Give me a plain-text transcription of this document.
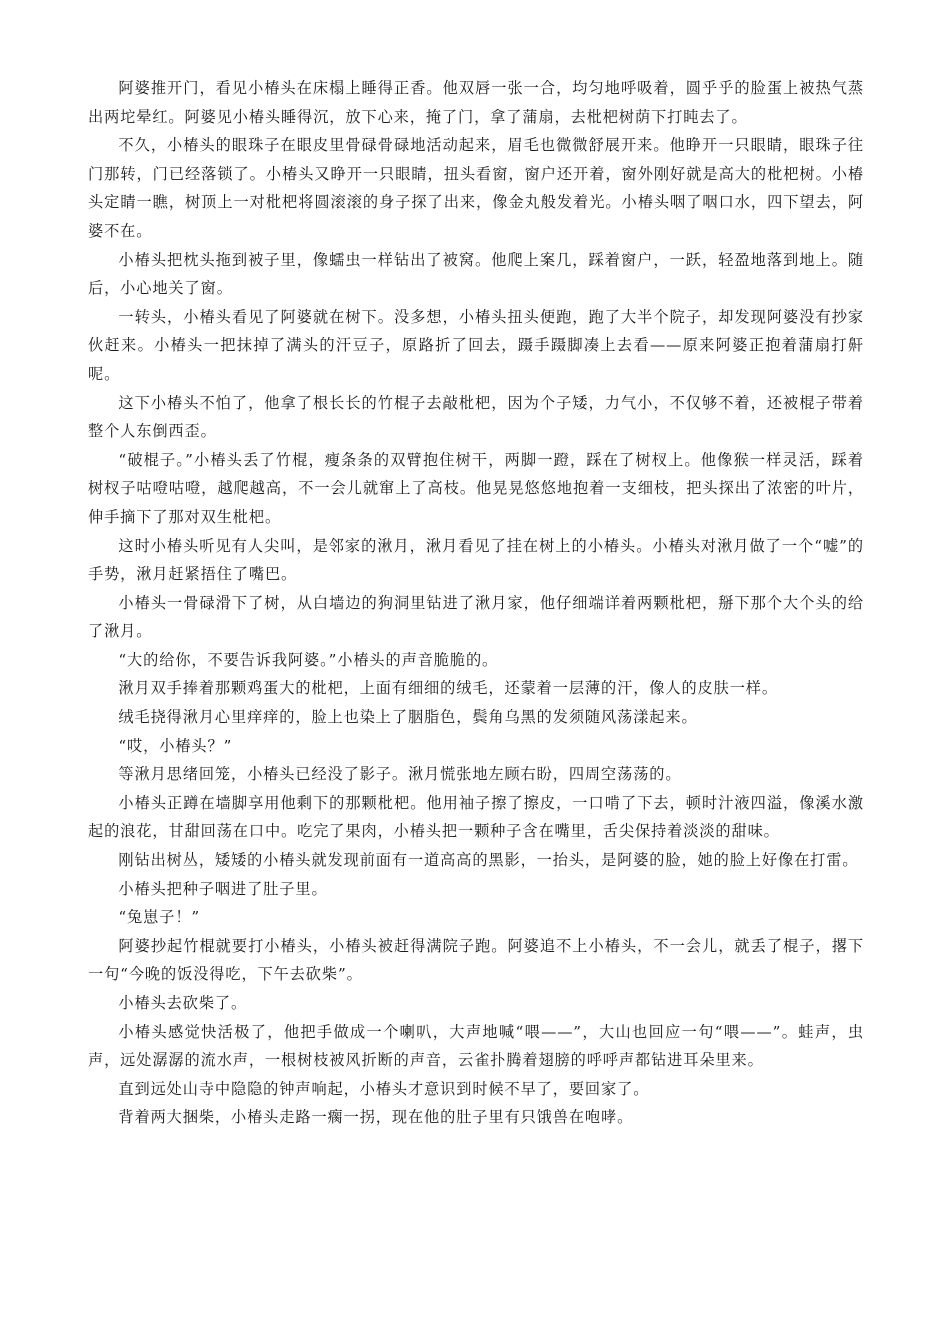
阿婆推开门，看见小椿头在床榻上睡得正香。他双唇一张一合，均匀地呼吸着，圆乎乎的脸蛋上被热气蒸出两坨晕红。阿婆见小椿头睡得沉，放下心来，掩了门，拿了蒲扇，去枇杷树荫下打盹去了。

不久，小椿头的眼珠子在眼皮里骨碌骨碌地活动起来，眉毛也微微舒展开来。他睁开一只眼睛，眼珠子往门那转，门已经落锁了。小椿头又睁开一只眼睛，扭头看窗，窗户还开着，窗外刚好就是高大的枇杷树。小椿头定睛一瞧，树顶上一对枇杷将圆滚滚的身子探了出来，像金丸般发着光。小椿头咽了咽口水，四下望去，阿婆不在。

小椿头把枕头拖到被子里，像蠕虫一样钻出了被窝。他爬上案几，踩着窗户，一跃，轻盈地落到地上。随后，小心地关了窗。

一转头，小椿头看见了阿婆就在树下。没多想，小椿头扭头便跑，跑了大半个院子，却发现阿婆没有抄家伙赶来。小椿头一把抹掉了满头的汗豆子，原路折了回去，蹑手蹑脚凑上去看——原来阿婆正抱着蒲扇打鼾呢。

这下小椿头不怕了，他拿了根长长的竹棍子去敲枇杷，因为个子矮，力气小，不仅够不着，还被棍子带着整个人东倒西歪。

“破棍子。”小椿头丢了竹棍，瘦条条的双臂抱住树干，两脚一蹬，踩在了树杈上。他像猴一样灵活，踩着树杈子咕噔咕噔，越爬越高，不一会儿就窜上了高枝。他晃晃悠悠地抱着一支细枝，把头探出了浓密的叶片，伸手摘下了那对双生枇杷。

这时小椿头听见有人尖叫，是邻家的湫月，湫月看见了挂在树上的小椿头。小椿头对湫月做了一个“嘘”的手势，湫月赶紧捂住了嘴巴。

小椿头一骨碌滑下了树，从白墙边的狗洞里钻进了湫月家，他仔细端详着两颗枇杷，掰下那个大个头的给了湫月。

“大的给你，不要告诉我阿婆。”小椿头的声音脆脆的。

湫月双手捧着那颗鸡蛋大的枇杷，上面有细细的绒毛，还蒙着一层薄的汗，像人的皮肤一样。

绒毛挠得湫月心里痒痒的，脸上也染上了胭脂色，鬓角乌黑的发须随风荡漾起来。

“哎，小椿头？”

等湫月思绪回笼，小椿头已经没了影子。湫月慌张地左顾右盼，四周空荡荡的。

小椿头正蹲在墙脚享用他剩下的那颗枇杷。他用袖子擦了擦皮，一口啃了下去，顿时汁液四溢，像溪水激起的浪花，甘甜回荡在口中。吃完了果肉，小椿头把一颗种子含在嘴里，舌尖保持着淡淡的甜味。

刚钻出树丛，矮矮的小椿头就发现前面有一道高高的黑影，一抬头，是阿婆的脸，她的脸上好像在打雷。

小椿头把种子咽进了肚子里。

“兔崽子！”

阿婆抄起竹棍就要打小椿头，小椿头被赶得满院子跑。阿婆追不上小椿头，不一会儿，就丢了棍子，撂下一句“今晚的饭没得吃，下午去砍柴”。

小椿头去砍柴了。

小椿头感觉快活极了，他把手做成一个喇叭，大声地喊“喂——”，大山也回应一句“喂——”。蛙声，虫声，远处潺潺的流水声，一根树枝被风折断的声音，云雀扑腾着翅膀的呼呼声都钻进耳朵里来。

直到远处山寺中隐隐的钟声响起，小椿头才意识到时候不早了，要回家了。

背着两大捆柴，小椿头走路一瘸一拐，现在他的肚子里有只饿兽在咆哮。
